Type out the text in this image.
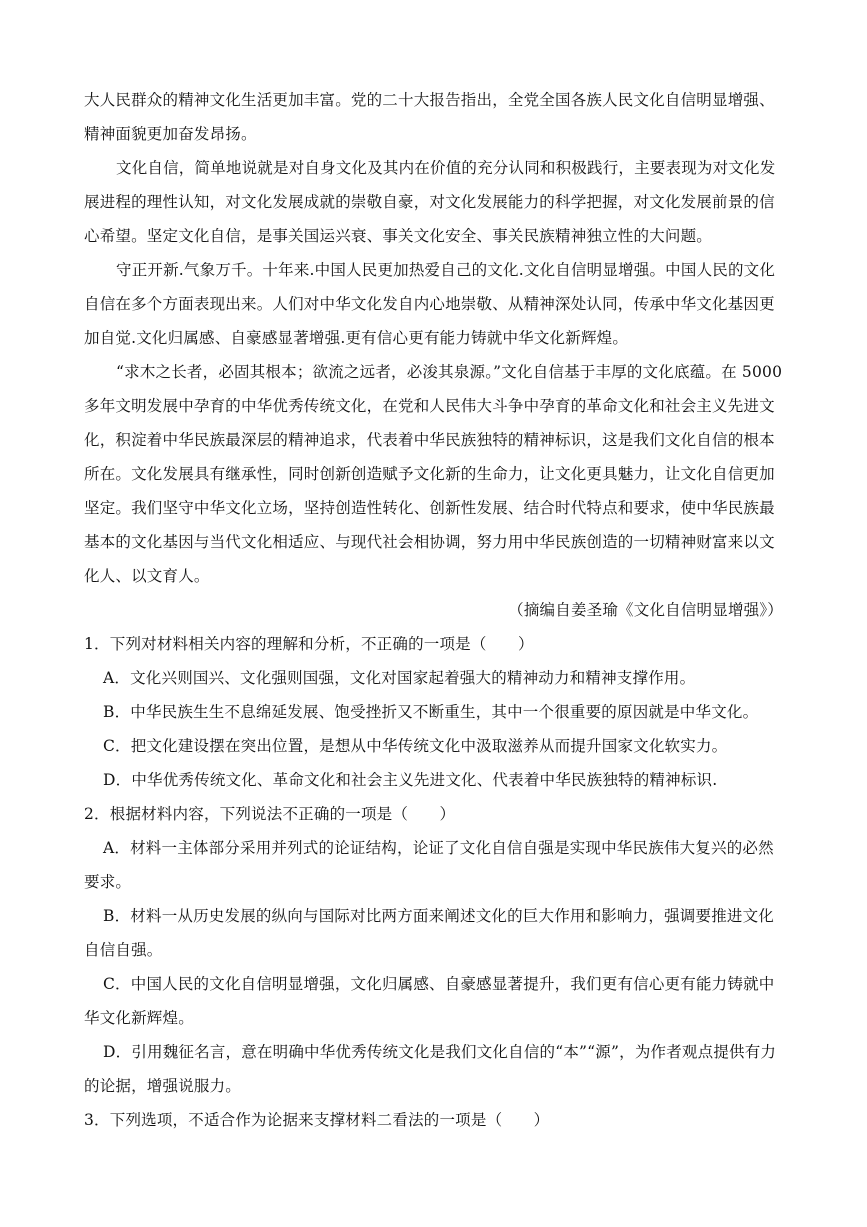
大人民群众的精神文化生活更加丰富。党的二十大报告指出，全党全国各族人民文化自信明显增强、
精神面貌更加奋发昂扬。
文化自信，简单地说就是对自身文化及其内在价值的充分认同和积极践行，主要表现为对文化发
展进程的理性认知，对文化发展成就的崇敬自豪，对文化发展能力的科学把握，对文化发展前景的信
心希望。坚定文化自信，是事关国运兴衰、事关文化安全、事关民族精神独立性的大问题。
守正开新.气象万千。十年来.中国人民更加热爱自己的文化.文化自信明显增强。中国人民的文化
自信在多个方面表现出来。人们对中华文化发自内心地崇敬、从精神深处认同，传承中华文化基因更
加自觉.文化归属感、自豪感显著增强.更有信心更有能力铸就中华文化新辉煌。
“求木之长者，必固其根本；欲流之远者，必浚其泉源。”文化自信基于丰厚的文化底蕴。在 5000
多年文明发展中孕育的中华优秀传统文化，在党和人民伟大斗争中孕育的革命文化和社会主义先进文
化，积淀着中华民族最深层的精神追求，代表着中华民族独特的精神标识，这是我们文化自信的根本
所在。文化发展具有继承性，同时创新创造赋予文化新的生命力，让文化更具魅力，让文化自信更加
坚定。我们坚守中华文化立场，坚持创造性转化、创新性发展、结合时代特点和要求，使中华民族最
基本的文化基因与当代文化相适应、与现代社会相协调，努力用中华民族创造的一切精神财富来以文
化人、以文育人。
（摘编自姜圣瑜《文化自信明显增强》）
1．下列对材料相关内容的理解和分析，不正确的一项是（　　）
A．文化兴则国兴、文化强则国强，文化对国家起着强大的精神动力和精神支撑作用。
B．中华民族生生不息绵延发展、饱受挫折又不断重生，其中一个很重要的原因就是中华文化。
C．把文化建设摆在突出位置，是想从中华传统文化中汲取滋养从而提升国家文化软实力。
D．中华优秀传统文化、革命文化和社会主义先进文化、代表着中华民族独特的精神标识.
2．根据材料内容，下列说法不正确的一项是（　　）
A．材料一主体部分采用并列式的论证结构，论证了文化自信自强是实现中华民族伟大复兴的必然
要求。
B．材料一从历史发展的纵向与国际对比两方面来阐述文化的巨大作用和影响力，强调要推进文化
自信自强。
C．中国人民的文化自信明显增强，文化归属感、自豪感显著提升，我们更有信心更有能力铸就中
华文化新辉煌。
D．引用魏征名言，意在明确中华优秀传统文化是我们文化自信的“本”“源”，为作者观点提供有力
的论据，增强说服力。
3．下列选项，不适合作为论据来支撑材料二看法的一项是（　　）
